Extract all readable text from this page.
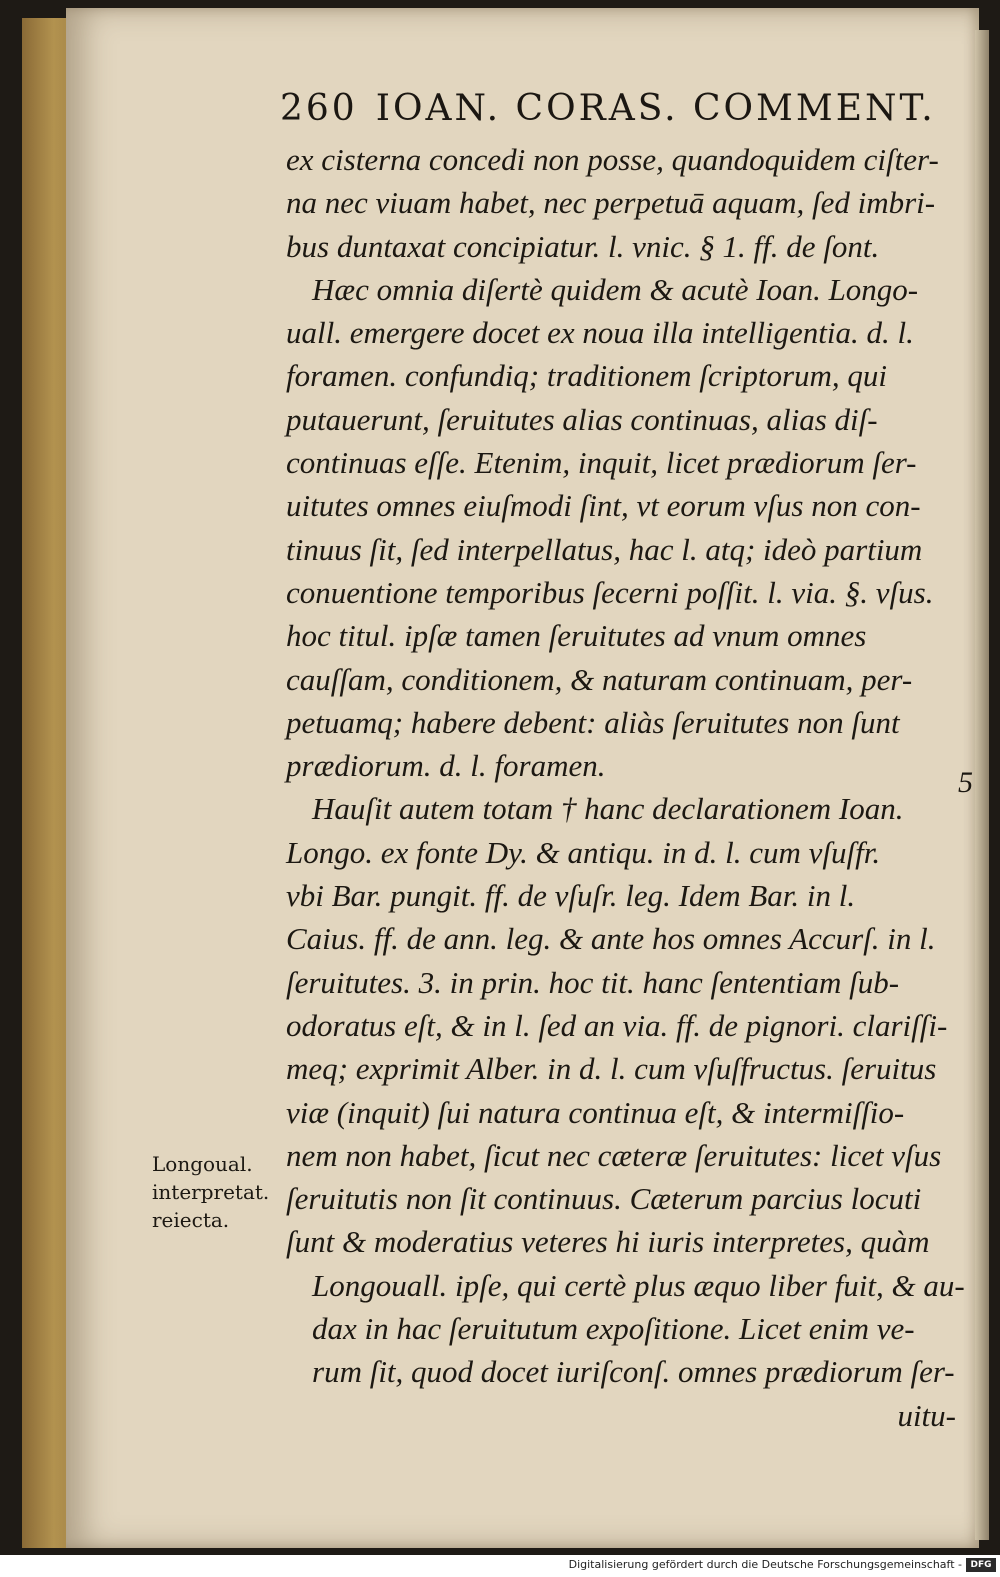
260 IOAN. CORAS. COMMENT.
ex cisterna concedi non posse, quandoquidem ciſter-
na nec viuam habet, nec perpetuā aquam, ſed imbri-
bus duntaxat concipiatur. l. vnic. § 1. ff. de ſont.
Hæc omnia diſertè quidem & acutè Ioan. Longo-
uall. emergere docet ex noua illa intelligentia. d. l.
foramen. confundiq; traditionem ſcriptorum, qui
putauerunt, ſeruitutes alias continuas, alias diſ-
continuas eſſe. Etenim, inquit, licet prædiorum ſer-
uitutes omnes eiuſmodi ſint, vt eorum vſus non con-
tinuus ſit, ſed interpellatus, hac l. atq; ideò partium
conuentione temporibus ſecerni poſſit. l. via. §. vſus.
hoc titul. ipſæ tamen ſeruitutes ad vnum omnes
cauſſam, conditionem, & naturam continuam, per-
petuamq; habere debent: aliàs ſeruitutes non ſunt
prædiorum. d. l. foramen.
Hauſit autem totam † hanc declarationem Ioan.
Longo. ex fonte Dy. & antiqu. in d. l. cum vſuſfr.
vbi Bar. pungit. ff. de vſuſr. leg. Idem Bar. in l.
Caius. ff. de ann. leg. & ante hos omnes Accurſ. in l.
ſeruitutes. 3. in prin. hoc tit. hanc ſententiam ſub-
odoratus eſt, & in l. ſed an via. ff. de pignori. clariſſi-
meq; exprimit Alber. in d. l. cum vſuſfructus. ſeruitus
viæ (inquit) ſui natura continua eſt, & intermiſſio-
nem non habet, ſicut nec cæteræ ſeruitutes: licet vſus
ſeruitutis non ſit continuus. Cæterum parcius locuti
ſunt & moderatius veteres hi iuris interpretes, quàm
Longouall. ipſe, qui certè plus æquo liber fuit, & au-
dax in hac ſeruitutum expoſitione. Licet enim ve-
rum ſit, quod docet iuriſconſ. omnes prædiorum ſer-
uitu-
Longoual.
interpretat.
reiecta.
5
Digitalisierung gefördert durch die Deutsche Forschungsgemeinschaft - DFG
